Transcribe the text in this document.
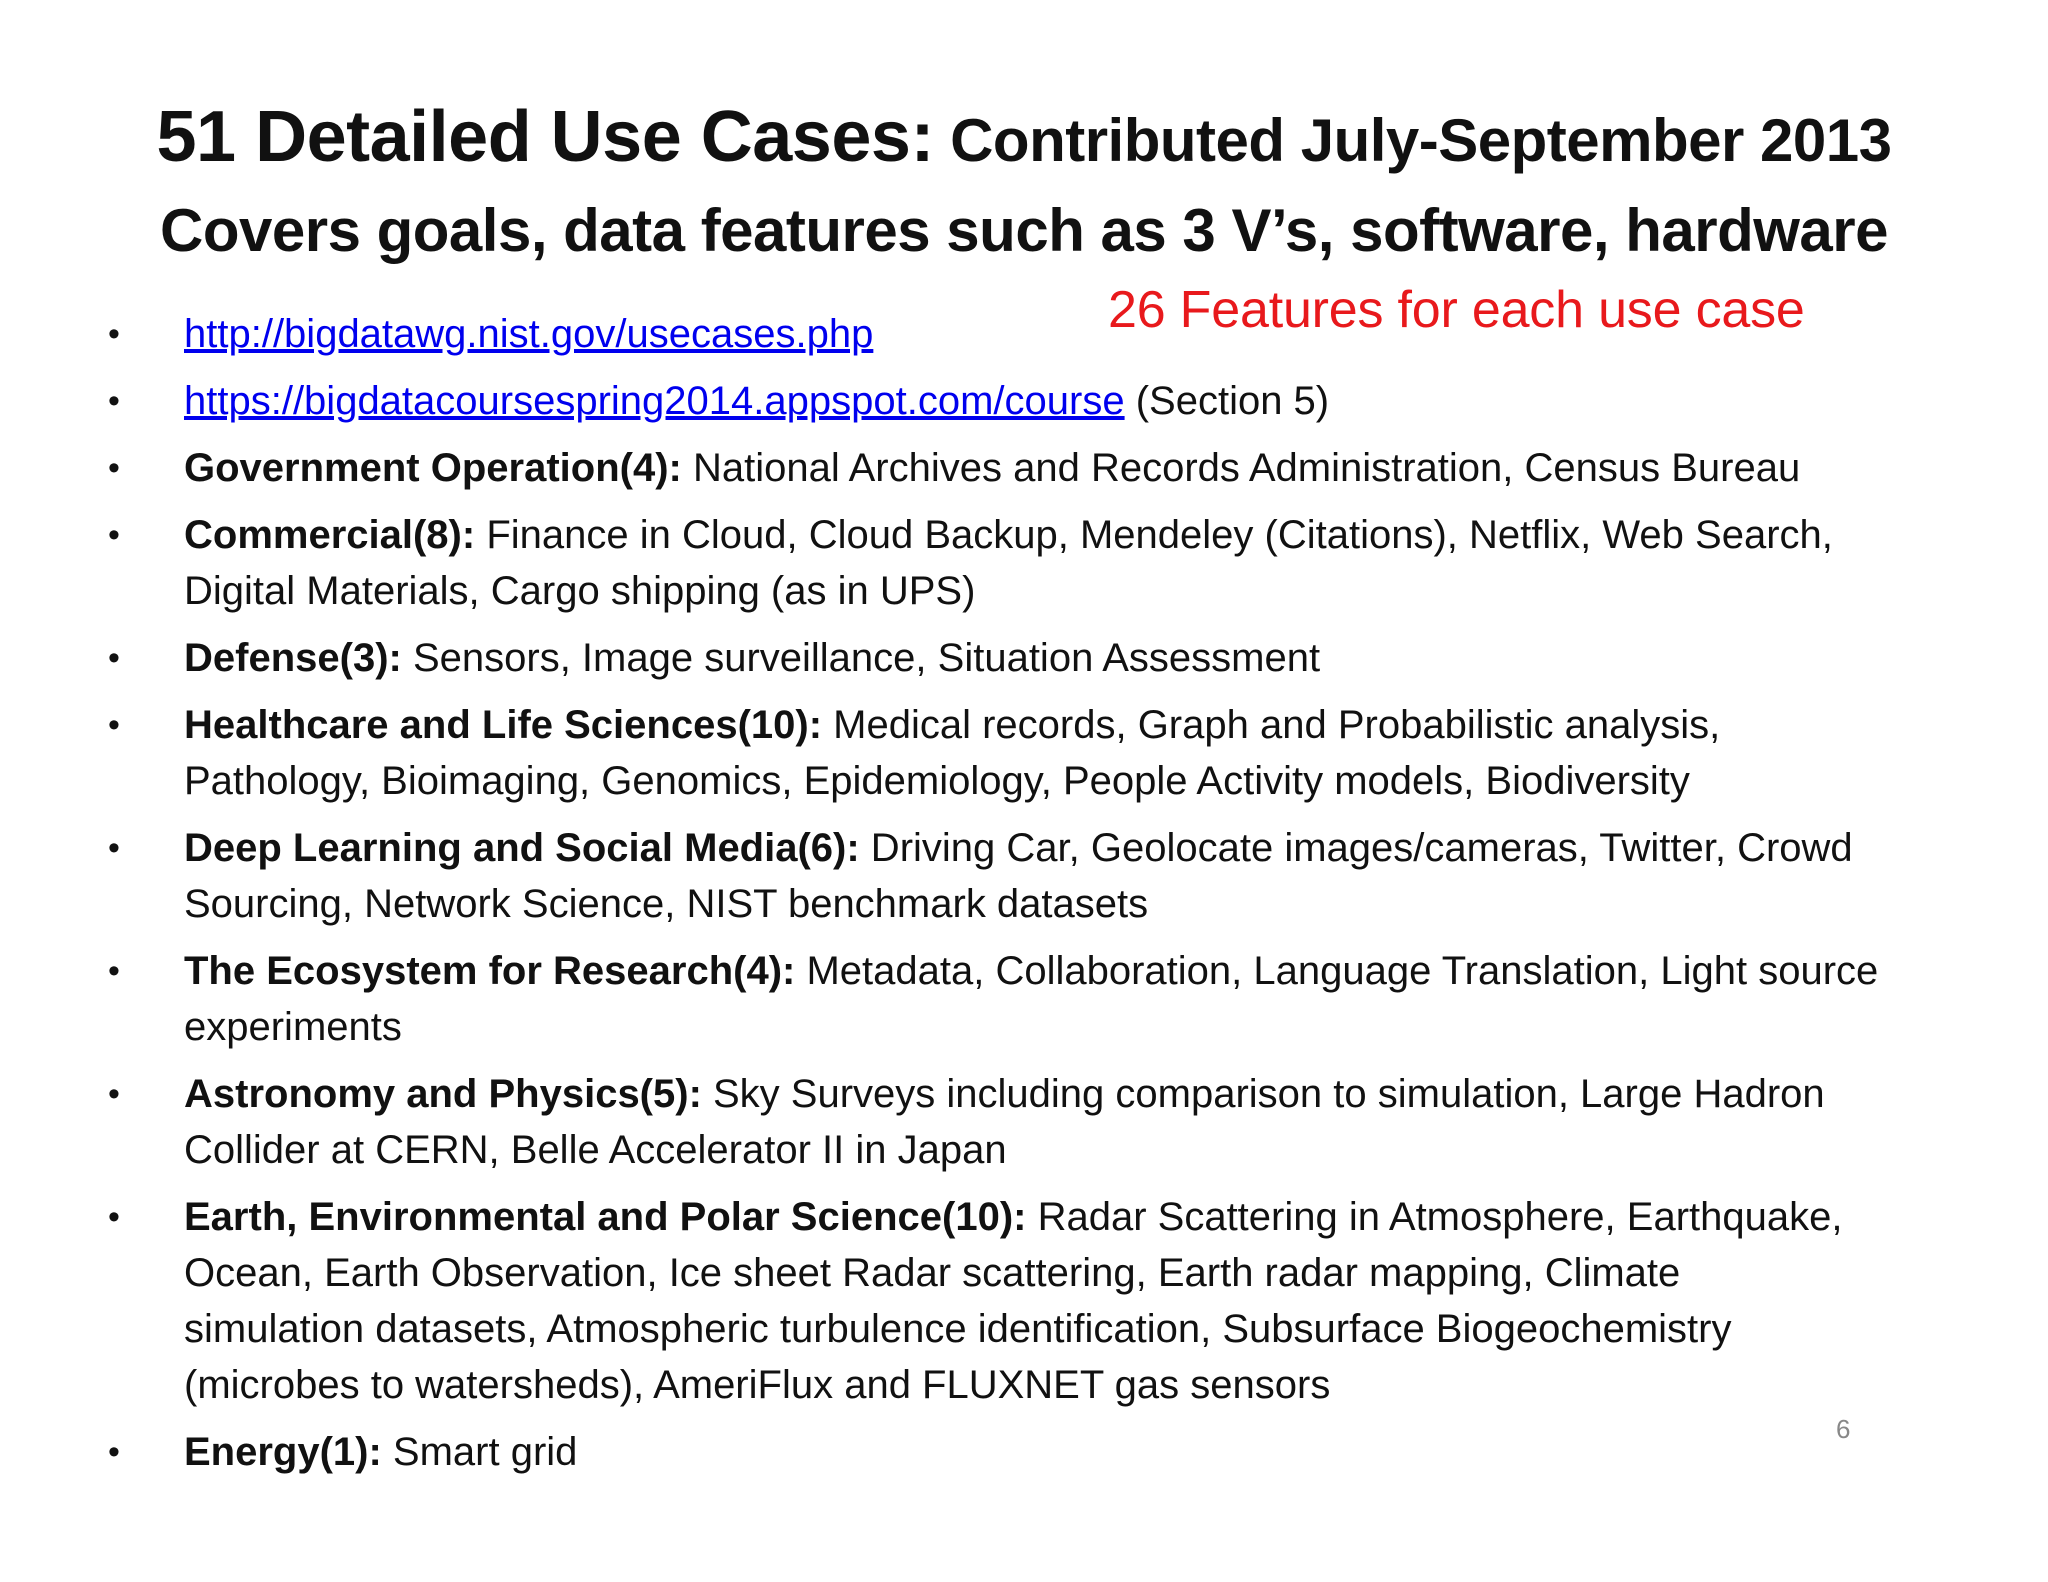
51 Detailed Use Cases: Contributed July-September 2013
Covers goals, data features such as 3 V’s, software, hardware
26 Features for each use case
•	http://bigdatawg.nist.gov/usecases.php
•	https://bigdatacoursespring2014.appspot.com/course (Section 5)
•	Government Operation(4): National Archives and Records Administration, Census Bureau
•	Commercial(8): Finance in Cloud, Cloud Backup, Mendeley (Citations), Netflix, Web Search,
Digital Materials, Cargo shipping (as in UPS)
•	Defense(3): Sensors, Image surveillance, Situation Assessment
•	Healthcare and Life Sciences(10): Medical records, Graph and Probabilistic analysis,
Pathology, Bioimaging, Genomics, Epidemiology, People Activity models, Biodiversity
•	Deep Learning and Social Media(6): Driving Car, Geolocate images/cameras, Twitter, Crowd
Sourcing, Network Science, NIST benchmark datasets
•	The Ecosystem for Research(4): Metadata, Collaboration, Language Translation, Light source
experiments
•	Astronomy and Physics(5): Sky Surveys including comparison to simulation, Large Hadron
Collider at CERN, Belle Accelerator II in Japan
•	Earth, Environmental and Polar Science(10): Radar Scattering in Atmosphere, Earthquake,
Ocean, Earth Observation, Ice sheet Radar scattering, Earth radar mapping, Climate
simulation datasets, Atmospheric turbulence identification, Subsurface Biogeochemistry
(microbes to watersheds), AmeriFlux and FLUXNET gas sensors
•	Energy(1): Smart grid
6
